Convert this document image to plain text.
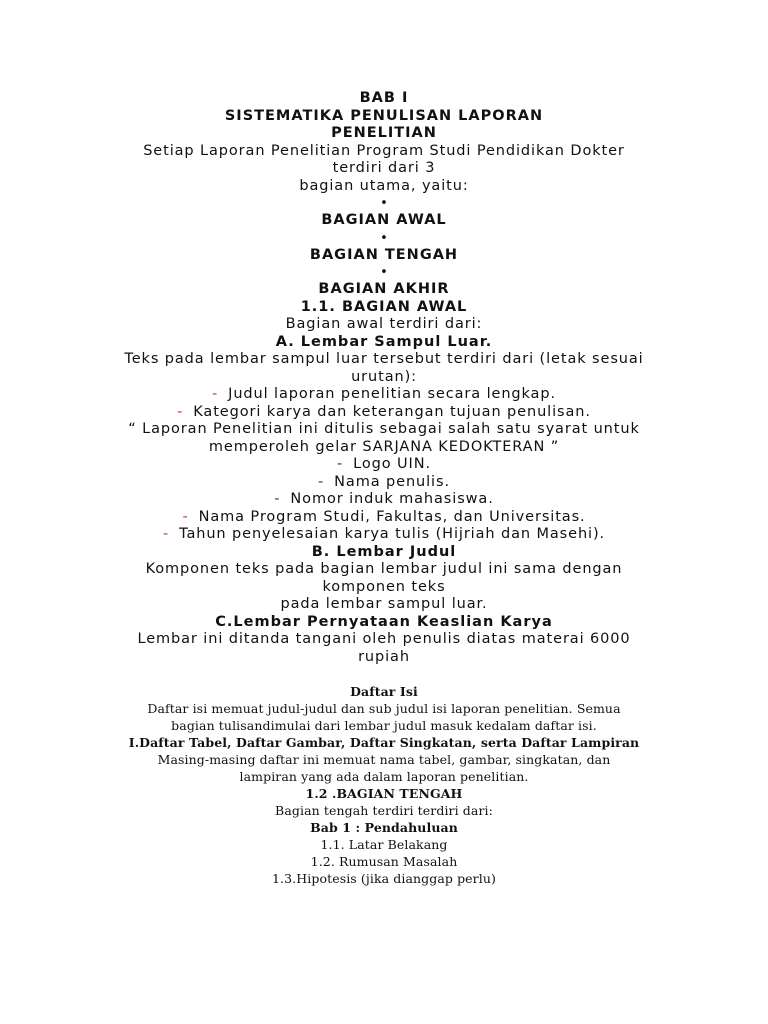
BAB I
SISTEMATIKA PENULISAN LAPORAN
PENELITIAN
Setiap Laporan Penelitian Program Studi Pendidikan Dokter
terdiri dari 3
bagian utama, yaitu:
•
BAGIAN AWAL
•
BAGIAN TENGAH
•
BAGIAN AKHIR
1.1. BAGIAN AWAL
Bagian awal terdiri dari:
A. Lembar Sampul Luar.
Teks pada lembar sampul luar tersebut terdiri dari (letak sesuai
urutan):
- Judul laporan penelitian secara lengkap.
- Kategori karya dan keterangan tujuan penulisan.
“ Laporan Penelitian ini ditulis sebagai salah satu syarat untuk
memperoleh gelar SARJANA KEDOKTERAN ”
- Logo UIN.
- Nama penulis.
- Nomor induk mahasiswa.
- Nama Program Studi, Fakultas, dan Universitas.
- Tahun penyelesaian karya tulis (Hijriah dan Masehi).
B. Lembar Judul
Komponen teks pada bagian lembar judul ini sama dengan
komponen teks
pada lembar sampul luar.
C.Lembar Pernyataan Keaslian Karya
Lembar ini ditanda tangani oleh penulis diatas materai 6000
rupiah
Daftar Isi
Daftar isi memuat judul-judul dan sub judul isi laporan penelitian. Semua
bagian tulisandimulai dari lembar judul masuk kedalam daftar isi.
I.Daftar Tabel, Daftar Gambar, Daftar Singkatan, serta Daftar Lampiran
Masing-masing daftar ini memuat nama tabel, gambar, singkatan, dan
lampiran yang ada dalam laporan penelitian.
1.2 .BAGIAN TENGAH
Bagian tengah terdiri terdiri dari:
Bab 1 : Pendahuluan
1.1. Latar Belakang
1.2. Rumusan Masalah
1.3.Hipotesis (jika dianggap perlu)
